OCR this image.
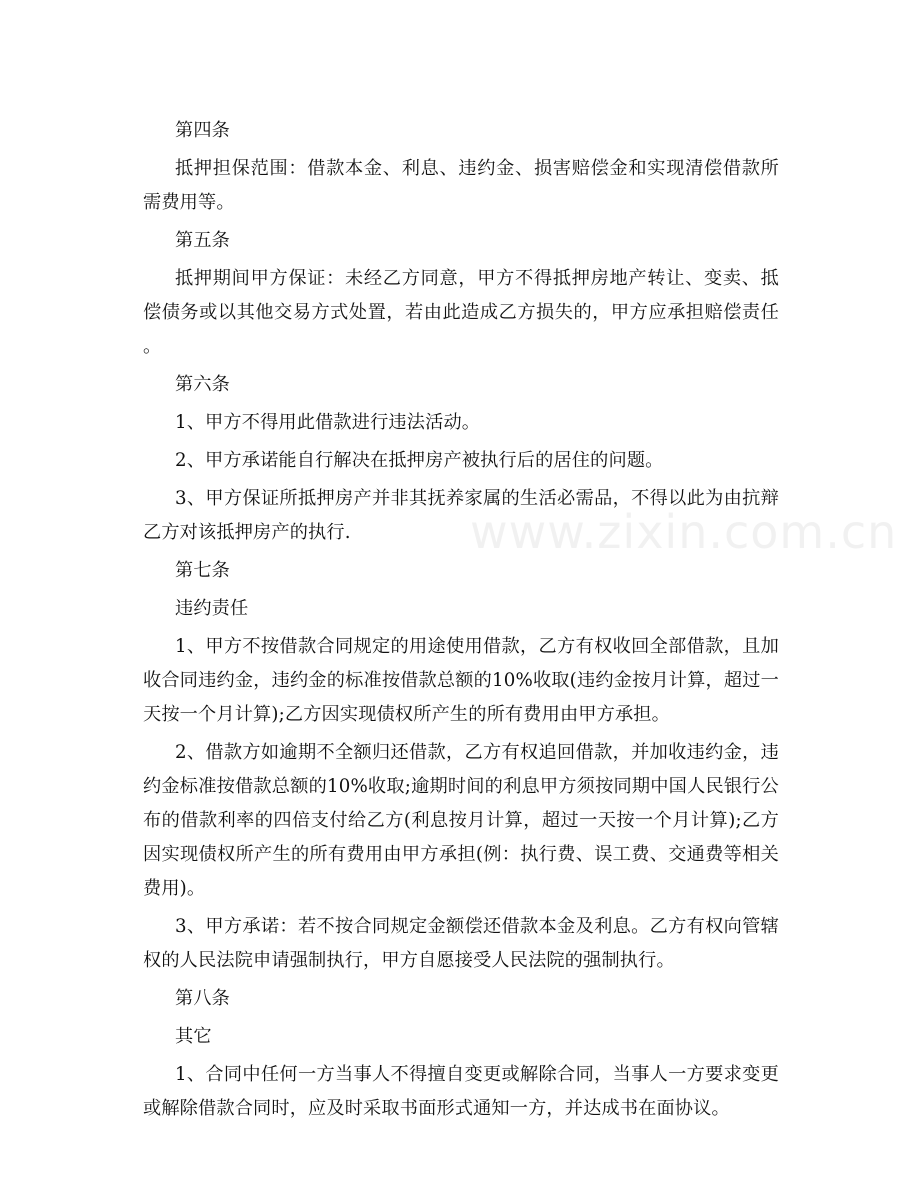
www.zixin.com.cn

第四条

抵押担保范围：借款本金、利息、违约金、损害赔偿金和实现清偿借款所需费用等。

第五条

抵押期间甲方保证：未经乙方同意，甲方不得抵押房地产转让、变卖、抵偿债务或以其他交易方式处置，若由此造成乙方损失的，甲方应承担赔偿责任。

第六条

1、甲方不得用此借款进行违法活动。

2、甲方承诺能自行解决在抵押房产被执行后的居住的问题。

3、甲方保证所抵押房产并非其抚养家属的生活必需品，不得以此为由抗辩乙方对该抵押房产的执行.

第七条

违约责任

1、甲方不按借款合同规定的用途使用借款，乙方有权收回全部借款，且加收合同违约金，违约金的标准按借款总额的10%收取(违约金按月计算，超过一天按一个月计算);乙方因实现债权所产生的所有费用由甲方承担。

2、借款方如逾期不全额归还借款，乙方有权追回借款，并加收违约金，违约金标准按借款总额的10%收取;逾期时间的利息甲方须按同期中国人民银行公布的借款利率的四倍支付给乙方(利息按月计算，超过一天按一个月计算);乙方因实现债权所产生的所有费用由甲方承担(例：执行费、误工费、交通费等相关费用)。

3、甲方承诺：若不按合同规定金额偿还借款本金及利息。乙方有权向管辖权的人民法院申请强制执行，甲方自愿接受人民法院的强制执行。

第八条

其它

1、合同中任何一方当事人不得擅自变更或解除合同，当事人一方要求变更或解除借款合同时，应及时采取书面形式通知一方，并达成书在面协议。
